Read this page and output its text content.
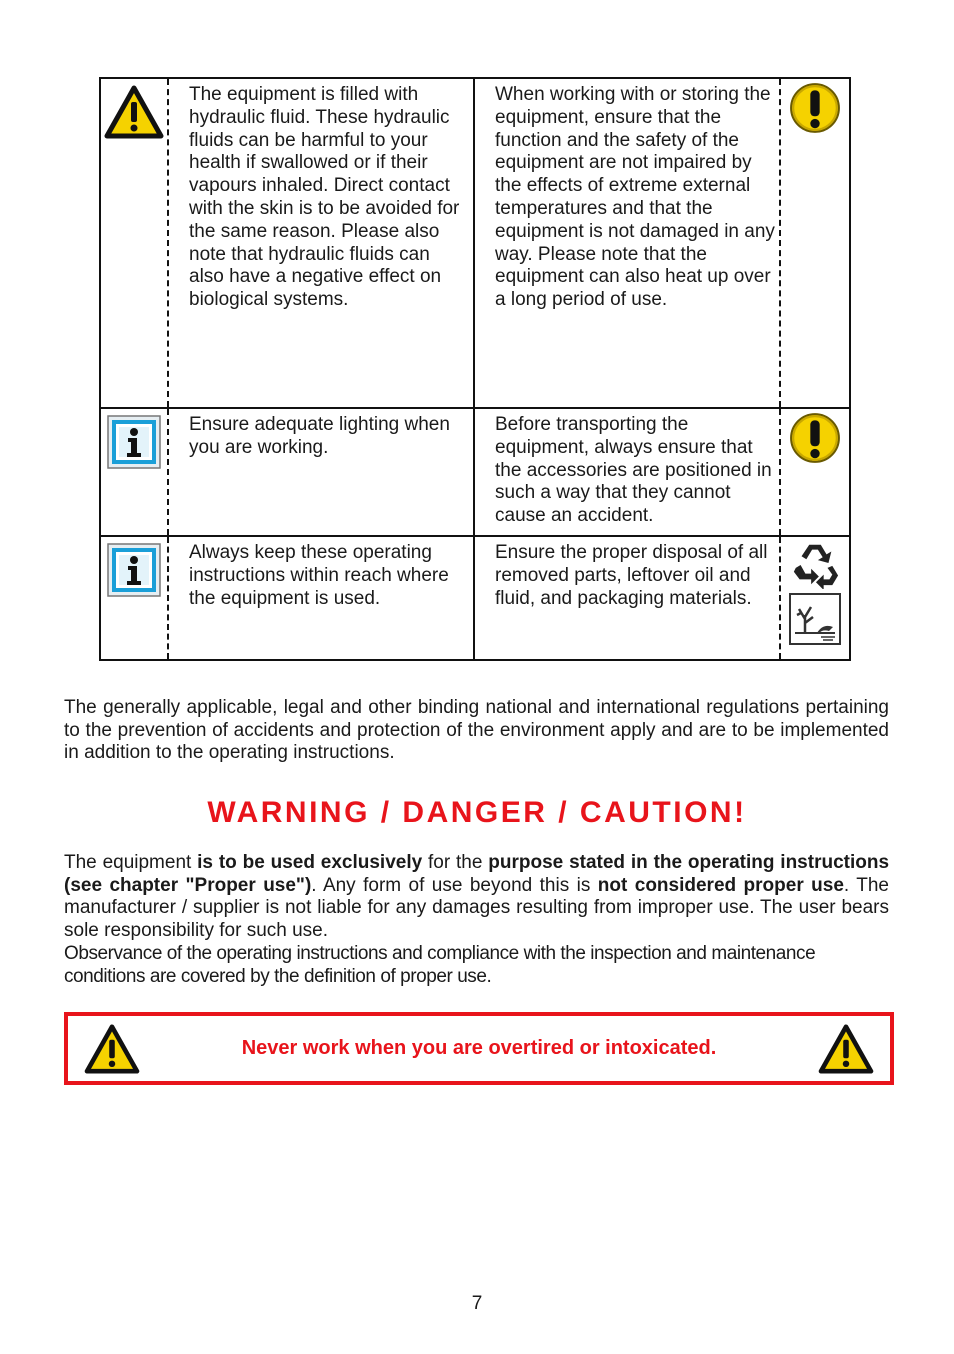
The equipment is filled with hydraulic fluid. These hydraulic fluids can be harmful to your health if swallowed or if their vapours inhaled. Direct contact with the skin is to be avoided for the same reason. Please also note that hydraulic fluids can also have a negative effect on biological systems.

When working with or storing the equipment, ensure that the function and the safety of the equipment are not impaired by the effects of extreme external temperatures and that the equipment is not damaged in any way. Please note that the equipment can also heat up over a long period of use.

Ensure adequate lighting when you are working.

Before transporting the equipment, always ensure that the accessories are positioned in such a way that they cannot cause an accident.

Always keep these operating instructions within reach where the equipment is used.

Ensure the proper disposal of all removed parts, leftover oil and fluid, and packaging materials.

The generally applicable, legal and other binding national and international regulations pertaining to the prevention of accidents and protection of the environment apply and are to be implemented in addition to the operating instructions.

WARNING / DANGER / CAUTION!

The equipment is to be used exclusively for the purpose stated in the operating instructions (see chapter "Proper use"). Any form of use beyond this is not considered proper use. The manufacturer / supplier is not liable for any damages resulting from improper use. The user bears sole responsibility for such use.

Observance of the operating instructions and compliance with the inspection and maintenance conditions are covered by the definition of proper use.

Never work when you are overtired or intoxicated.

7
